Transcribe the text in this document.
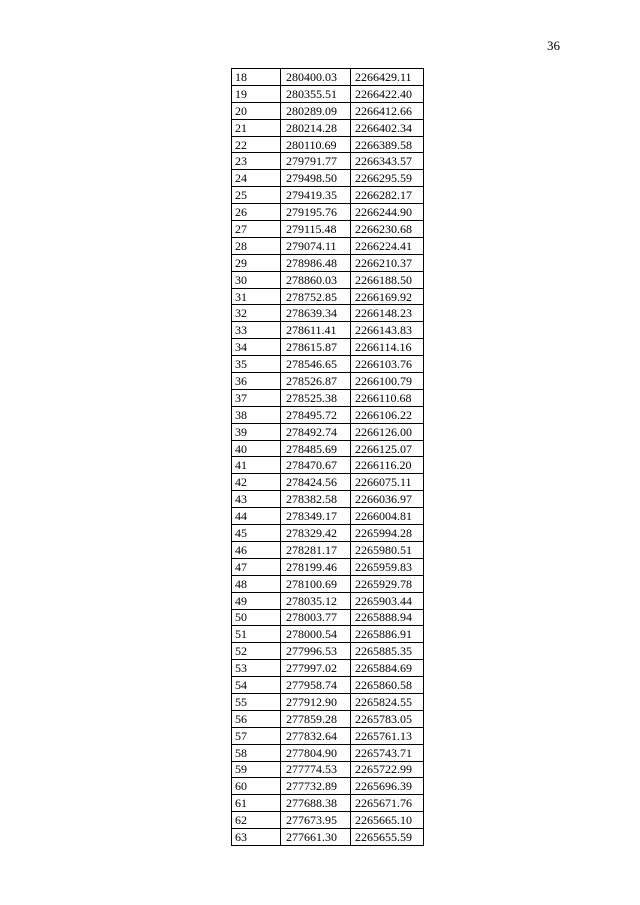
36
18	280400.03	2266429.11
19	280355.51	2266422.40
20	280289.09	2266412.66
21	280214.28	2266402.34
22	280110.69	2266389.58
23	279791.77	2266343.57
24	279498.50	2266295.59
25	279419.35	2266282.17
26	279195.76	2266244.90
27	279115.48	2266230.68
28	279074.11	2266224.41
29	278986.48	2266210.37
30	278860.03	2266188.50
31	278752.85	2266169.92
32	278639.34	2266148.23
33	278611.41	2266143.83
34	278615.87	2266114.16
35	278546.65	2266103.76
36	278526.87	2266100.79
37	278525.38	2266110.68
38	278495.72	2266106.22
39	278492.74	2266126.00
40	278485.69	2266125.07
41	278470.67	2266116.20
42	278424.56	2266075.11
43	278382.58	2266036.97
44	278349.17	2266004.81
45	278329.42	2265994.28
46	278281.17	2265980.51
47	278199.46	2265959.83
48	278100.69	2265929.78
49	278035.12	2265903.44
50	278003.77	2265888.94
51	278000.54	2265886.91
52	277996.53	2265885.35
53	277997.02	2265884.69
54	277958.74	2265860.58
55	277912.90	2265824.55
56	277859.28	2265783.05
57	277832.64	2265761.13
58	277804.90	2265743.71
59	277774.53	2265722.99
60	277732.89	2265696.39
61	277688.38	2265671.76
62	277673.95	2265665.10
63	277661.30	2265655.59
